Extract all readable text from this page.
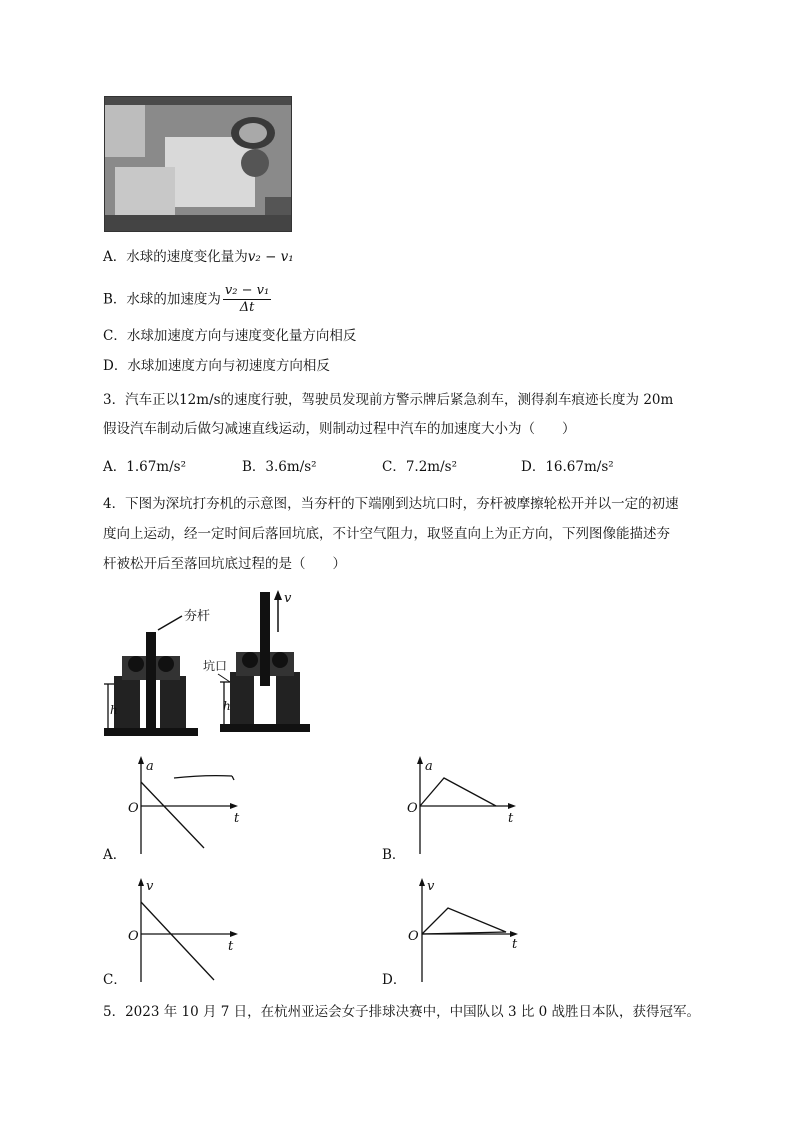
A．水球的速度变化量为v₂ − v₁
B．水球的加速度为 $\frac{\text{v₂ − v₁}}{\Delta t}$
C．水球加速度方向与速度变化量方向相反
D．水球加速度方向与初速度方向相反
3．汽车正以12m/s的速度行驶，驾驶员发现前方警示牌后紧急刹车，测得刹车痕迹长度为 20m
假设汽车制动后做匀减速直线运动，则制动过程中汽车的加速度大小为（　　）
A．1.67m/s²	B．3.6m/s²	C．7.2m/s²	D．16.67m/s²
4．下图为深坑打夯机的示意图，当夯杆的下端刚到达坑口时，夯杆被摩擦轮松开并以一定的初速
度向上运动，经一定时间后落回坑底，不计空气阻力，取竖直向上为正方向，下列图像能描述夯
杆被松开后至落回坑底过程的是（　　）
夯杆
h
v
坑口
h
a
O
t
A．
a
O
t
B．
v
O
t
C．
v
O
t
D．
5．2023 年 10 月 7 日，在杭州亚运会女子排球决赛中，中国队以 3 比 0 战胜日本队，获得冠军。
